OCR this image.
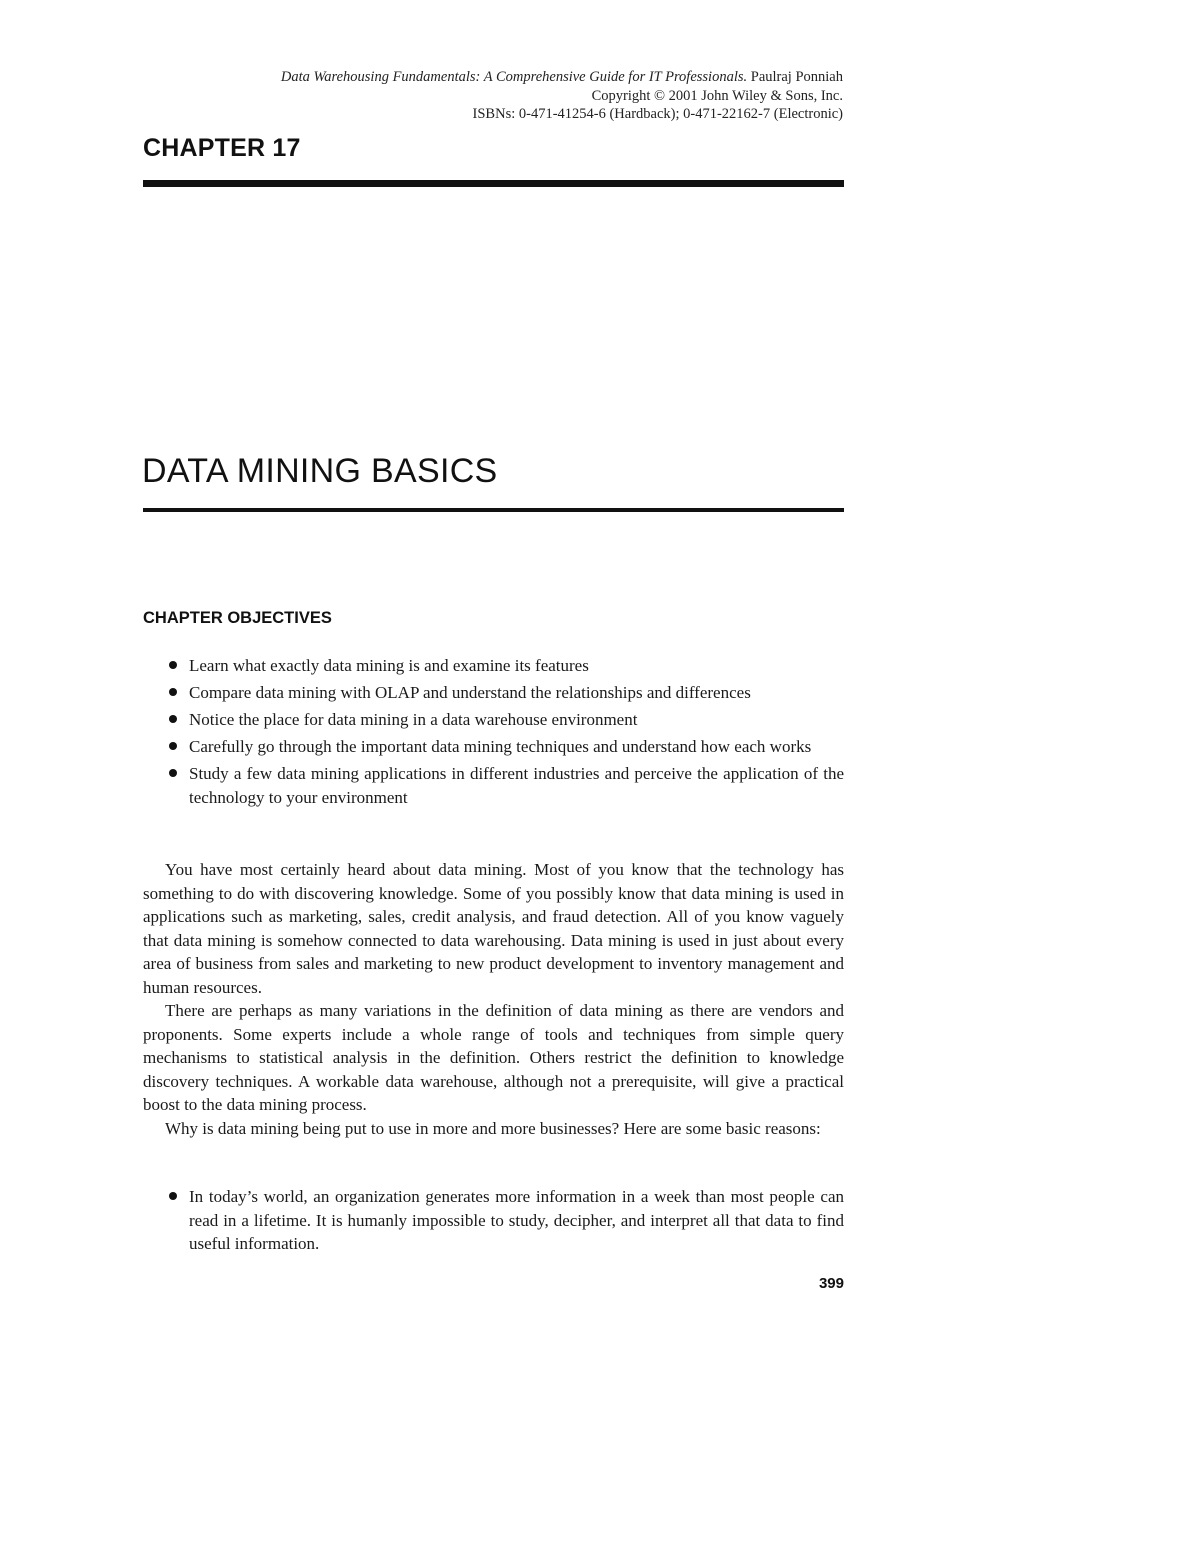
Data Warehousing Fundamentals: A Comprehensive Guide for IT Professionals. Paulraj Ponniah
Copyright © 2001 John Wiley & Sons, Inc.
ISBNs: 0-471-41254-6 (Hardback); 0-471-22162-7 (Electronic)
CHAPTER 17
DATA MINING BASICS
CHAPTER OBJECTIVES
Learn what exactly data mining is and examine its features
Compare data mining with OLAP and understand the relationships and differences
Notice the place for data mining in a data warehouse environment
Carefully go through the important data mining techniques and understand how each works
Study a few data mining applications in different industries and perceive the application of the technology to your environment

You have most certainly heard about data mining. Most of you know that the technology has something to do with discovering knowledge. Some of you possibly know that data mining is used in applications such as marketing, sales, credit analysis, and fraud detection. All of you know vaguely that data mining is somehow connected to data warehousing. Data mining is used in just about every area of business from sales and marketing to new product development to inventory management and human resources.

There are perhaps as many variations in the definition of data mining as there are vendors and proponents. Some experts include a whole range of tools and techniques from simple query mechanisms to statistical analysis in the definition. Others restrict the definition to knowledge discovery techniques. A workable data warehouse, although not a prerequisite, will give a practical boost to the data mining process.

Why is data mining being put to use in more and more businesses? Here are some basic reasons:

In today’s world, an organization generates more information in a week than most people can read in a lifetime. It is humanly impossible to study, decipher, and interpret all that data to find useful information.
399
